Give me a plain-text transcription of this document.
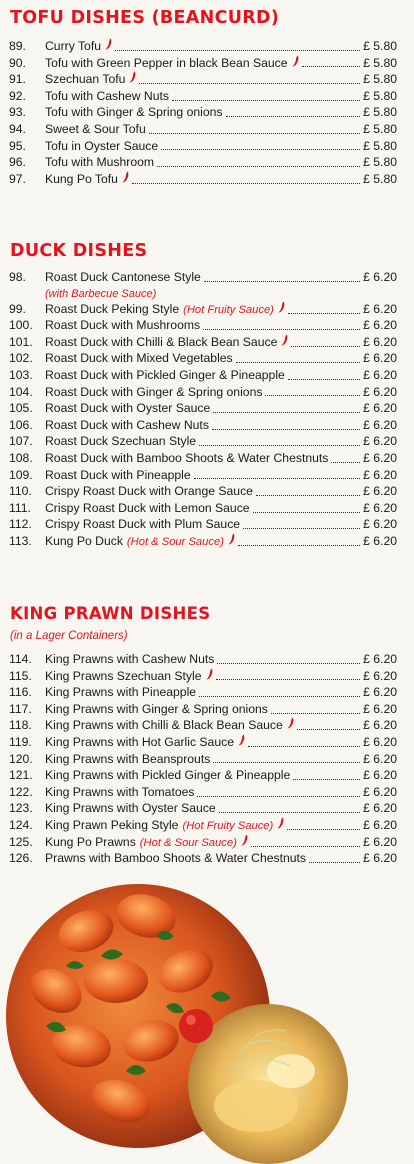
TOFU DISHES (BEANCURD)
89. Curry Tofu	£ 5.80
90. Tofu with Green Pepper in black Bean Sauce	£ 5.80
91. Szechuan Tofu	£ 5.80
92. Tofu with Cashew Nuts	£ 5.80
93. Tofu with Ginger & Spring onions	£ 5.80
94. Sweet & Sour Tofu	£ 5.80
95. Tofu in Oyster Sauce	£ 5.80
96. Tofu with Mushroom	£ 5.80
97. Kung Po Tofu	£ 5.80
DUCK DISHES
98. Roast Duck Cantonese Style	£ 6.20
(with Barbecue Sauce)
99. Roast Duck Peking Style (Hot Fruity Sauce)	£ 6.20
100. Roast Duck with Mushrooms	£ 6.20
101. Roast Duck with Chilli & Black Bean Sauce	£ 6.20
102. Roast Duck with Mixed Vegetables	£ 6.20
103. Roast Duck with Pickled Ginger & Pineapple	£ 6.20
104. Roast Duck with Ginger & Spring onions	£ 6.20
105. Roast Duck with Oyster Sauce	£ 6.20
106. Roast Duck with Cashew Nuts	£ 6.20
107. Roast Duck Szechuan Style	£ 6.20
108. Roast Duck with Bamboo Shoots & Water Chestnuts	£ 6.20
109. Roast Duck with Pineapple	£ 6.20
110. Crispy Roast Duck with Orange Sauce	£ 6.20
111. Crispy Roast Duck with Lemon Sauce	£ 6.20
112. Crispy Roast Duck with Plum Sauce	£ 6.20
113. Kung Po Duck (Hot & Sour Sauce)	£ 6.20
KING PRAWN DISHES

(in a Lager Containers)

114. King Prawns with Cashew Nuts	£ 6.20
115. King Prawns Szechuan Style	£ 6.20
116. King Prawns with Pineapple	£ 6.20
117. King Prawns with Ginger & Spring onions	£ 6.20
118. King Prawns with Chilli & Black Bean Sauce	£ 6.20
119. King Prawns with Hot Garlic Sauce	£ 6.20
120. King Prawns with Beansprouts	£ 6.20
121. King Prawns with Pickled Ginger & Pineapple	£ 6.20
122. King Prawns with Tomatoes	£ 6.20
123. King Prawns with Oyster Sauce	£ 6.20
124. King Prawn Peking Style (Hot Fruity Sauce)	£ 6.20
125. Kung Po Prawns (Hot & Sour Sauce)	£ 6.20
126. Prawns with Bamboo Shoots & Water Chestnuts	£ 6.20
